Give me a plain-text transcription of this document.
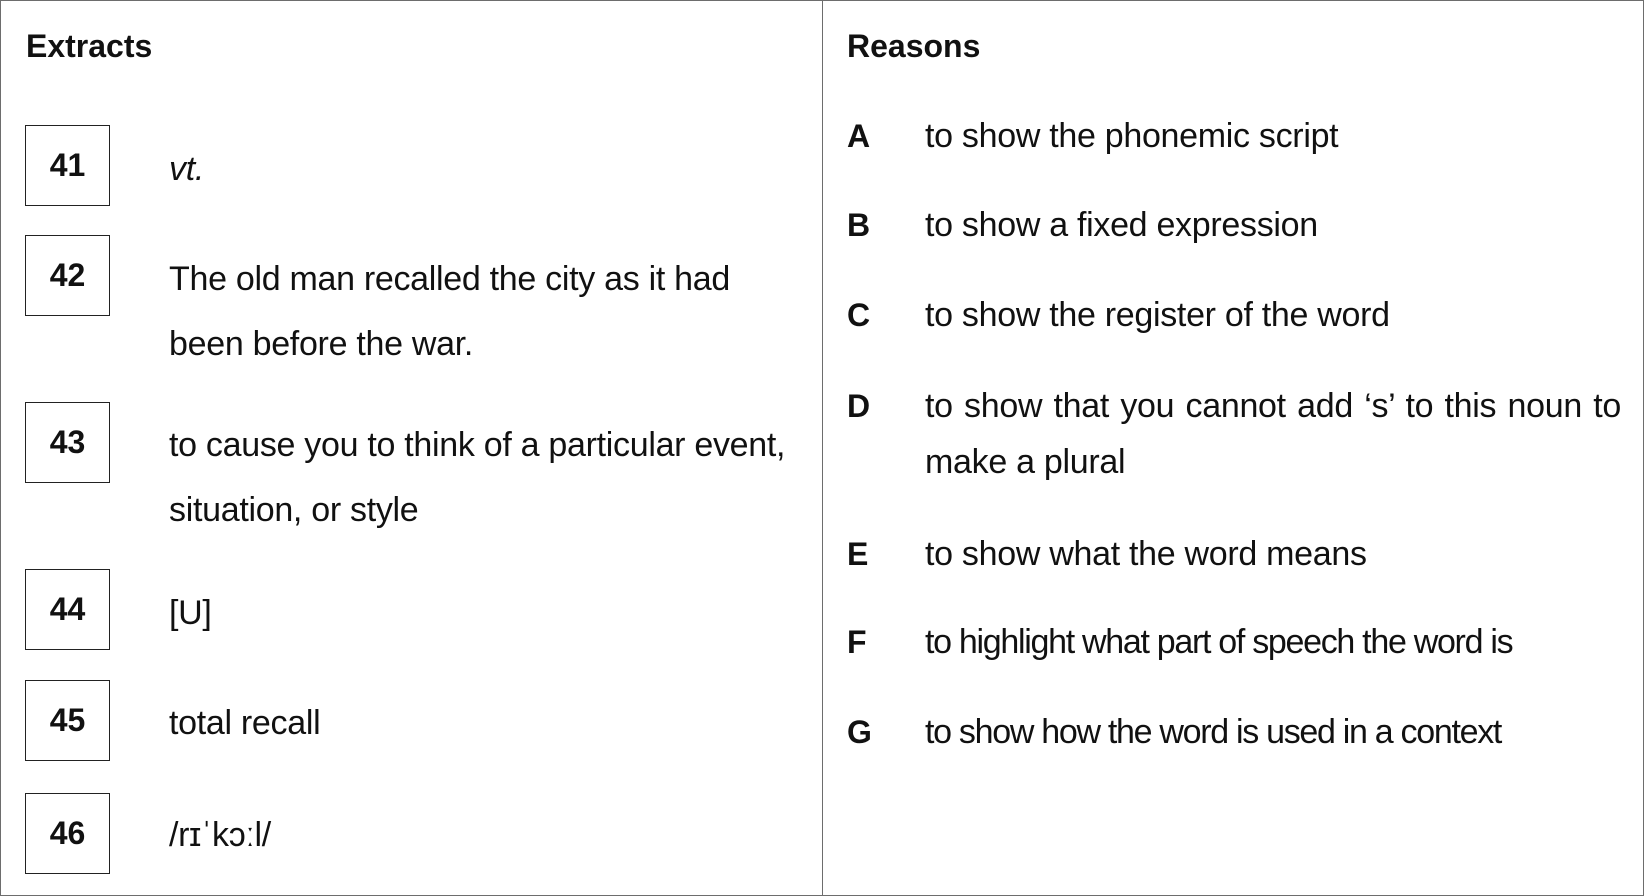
Extracts
41	vt.
42	The old man recalled the city as it had been before the war.
43	to cause you to think of a particular event, situation, or style
44	[U]
45	total recall
46	/rɪˈkɔːl/
Reasons
A to show the phonemic script
B to show a fixed expression
C to show the register of the word
D to show that you cannot add ‘s’ to this noun to make a plural
E to show what the word means
F to highlight what part of speech the word is
G to show how the word is used in a context
